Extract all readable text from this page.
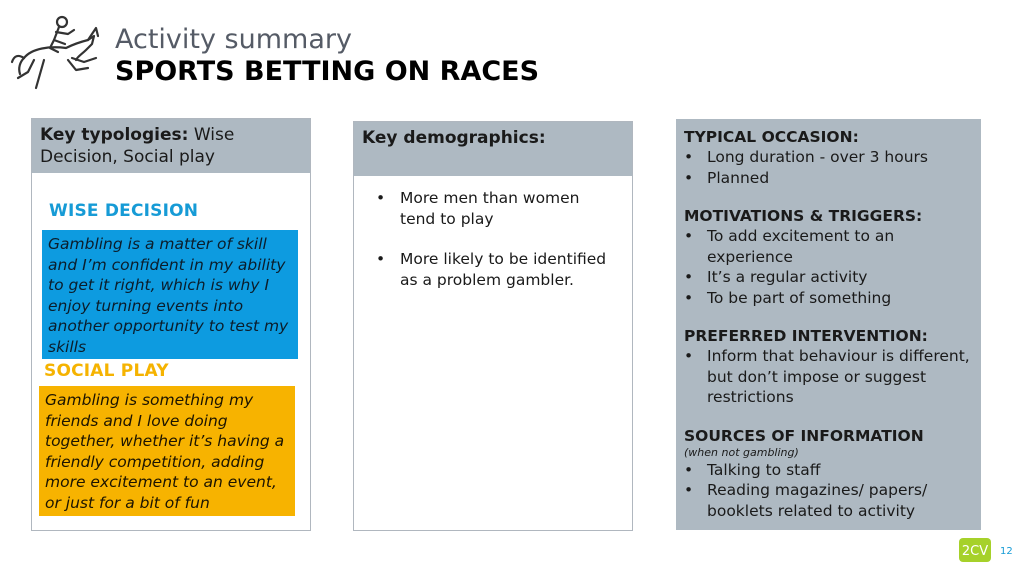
Activity summary
SPORTS BETTING ON RACES
Key typologies: Wise Decision, Social play
WISE DECISION
Gambling is a matter of skill and I’m confident in my ability to get it right, which is why I enjoy turning events into another opportunity to test my skills
SOCIAL PLAY
Gambling is something my friends and I love doing together, whether it’s having a friendly competition, adding more excitement to an event, or just for a bit of fun
Key demographics:
• More men than women tend to play
• More likely to be identified as a problem gambler.
TYPICAL OCCASION:
• Long duration - over 3 hours
• Planned
MOTIVATIONS & TRIGGERS:
• To add excitement to an experience
• It’s a regular activity
• To be part of something
PREFERRED INTERVENTION:
• Inform that behaviour is different, but don’t impose or suggest restrictions
SOURCES OF INFORMATION
(when not gambling)
• Talking to staff
• Reading magazines/ papers/ booklets related to activity
2CV 12
